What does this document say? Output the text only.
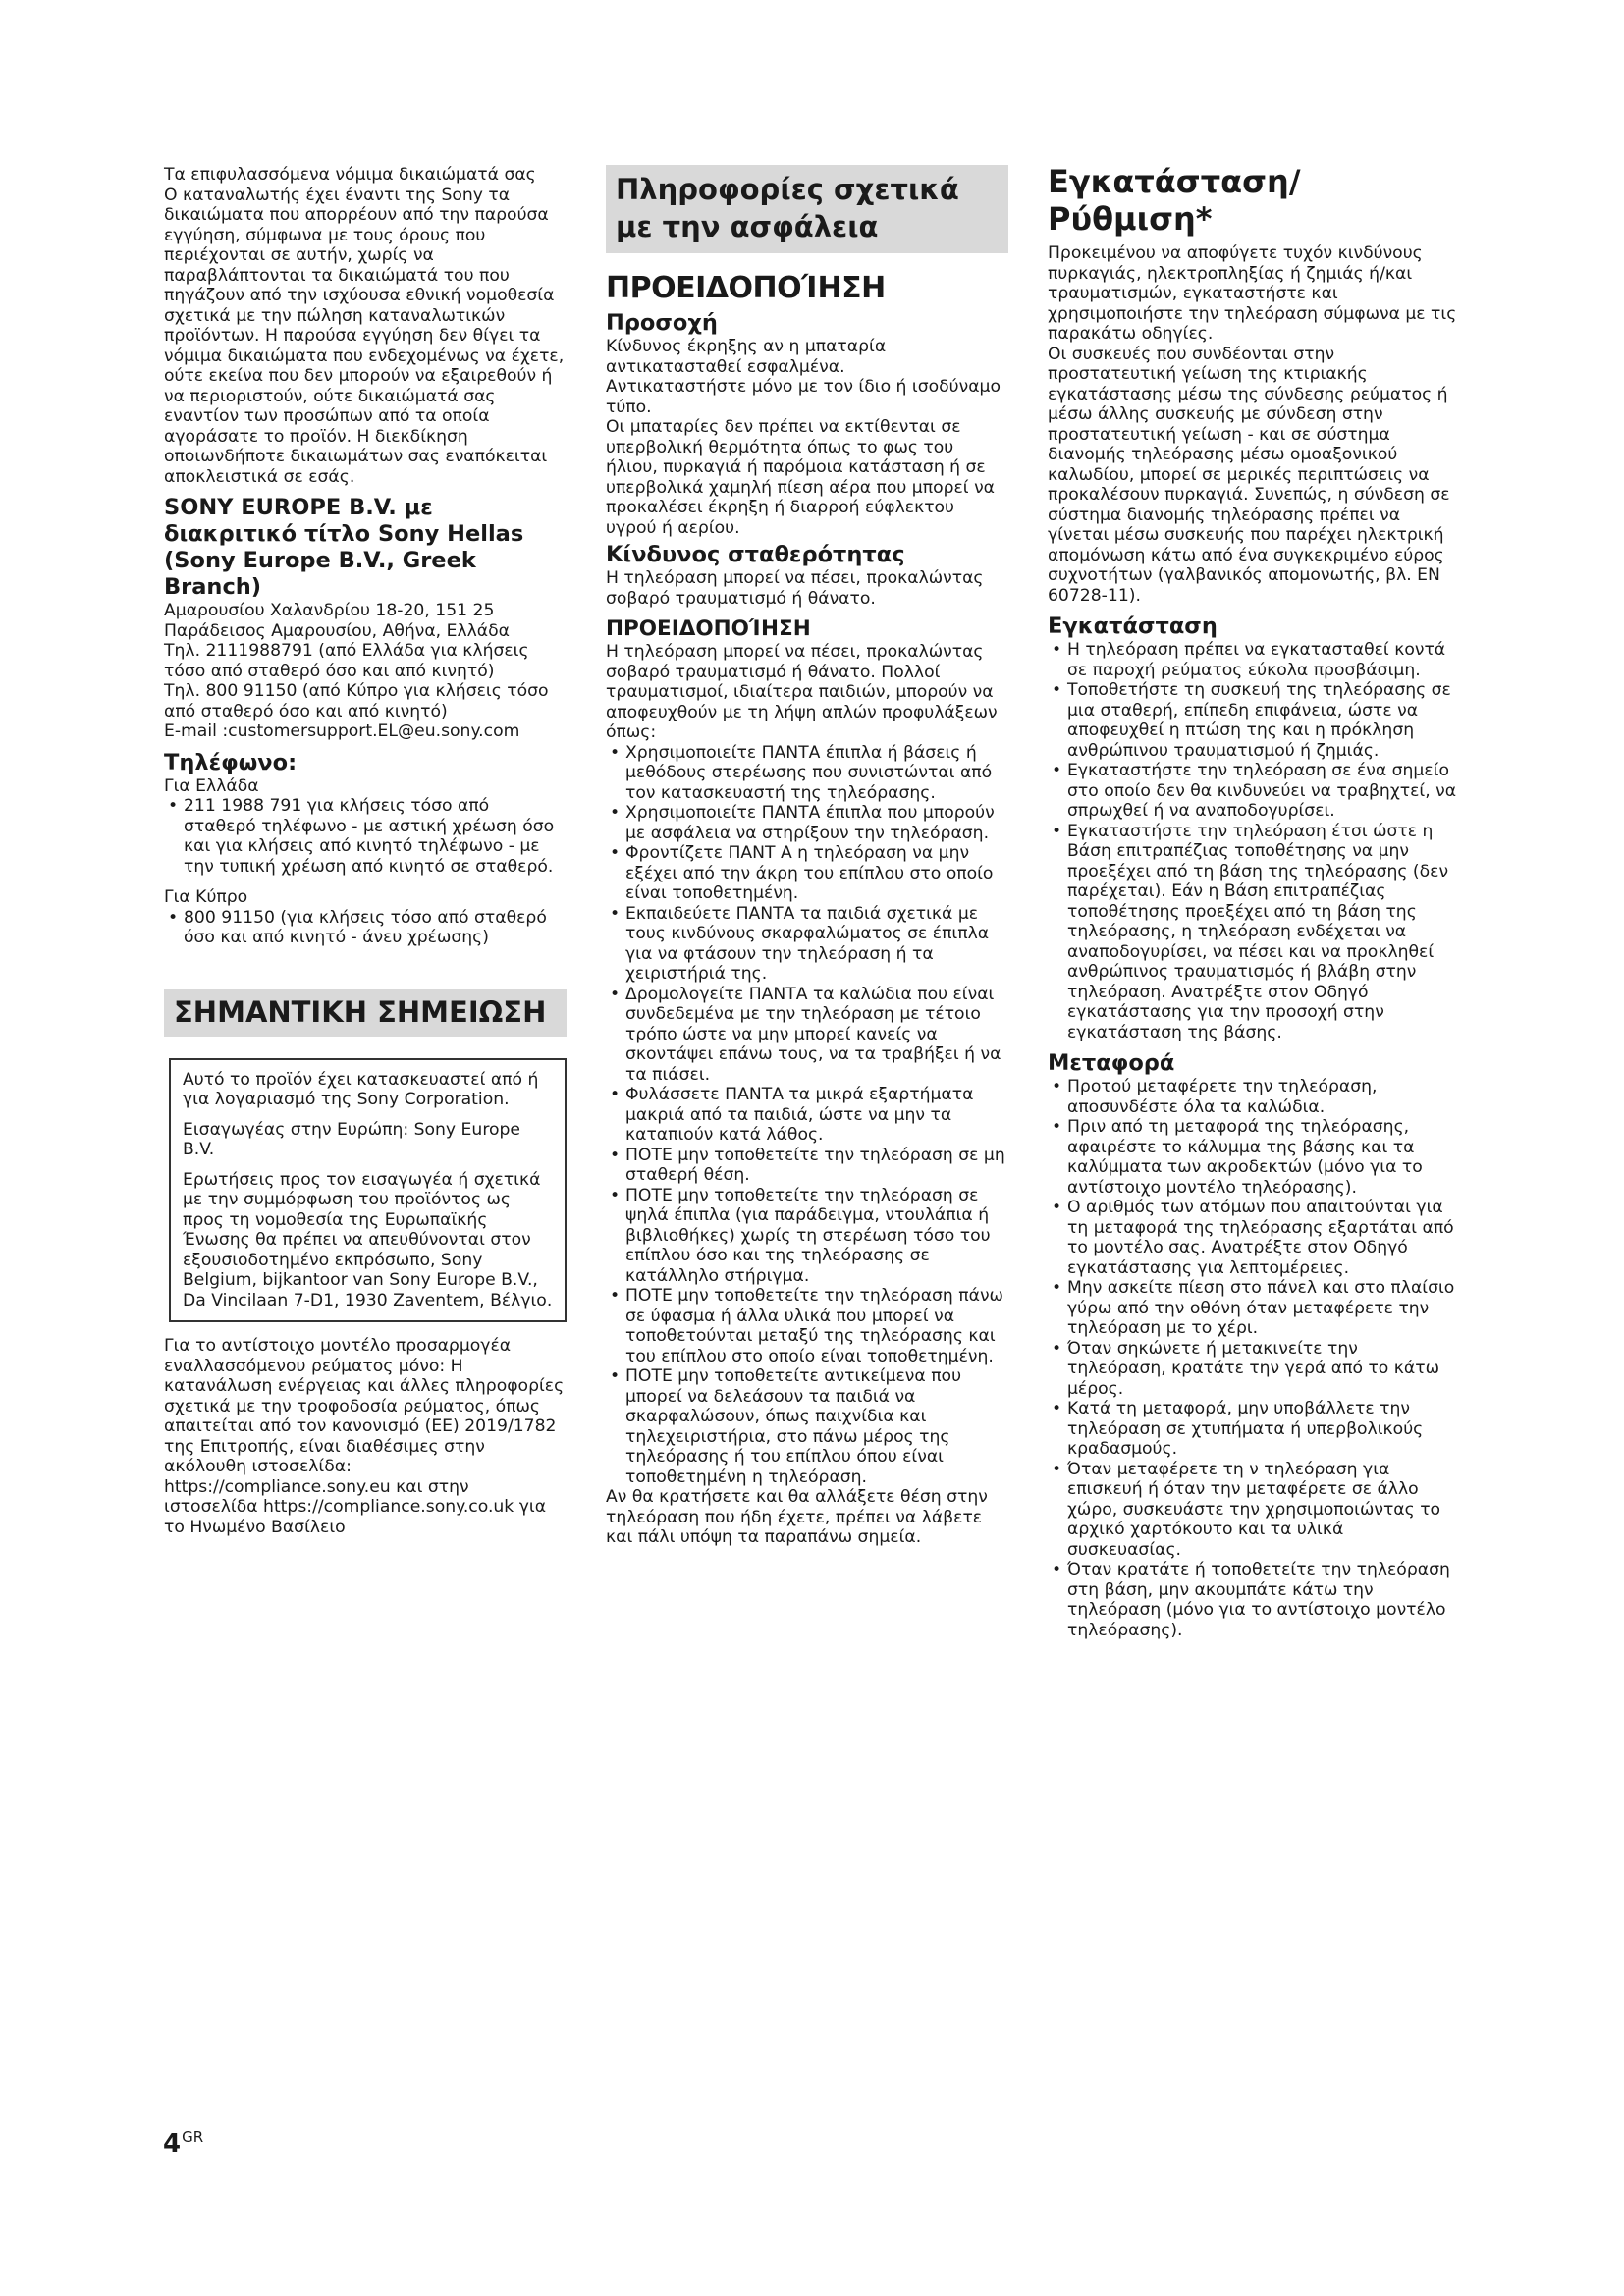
Τα επιφυλασσόμενα νόμιμα δικαιώματά σας

Ο καταναλωτής έχει έναντι της Sony τα δικαιώματα που απορρέουν από την παρούσα εγγύηση, σύμφωνα με τους όρους που περιέχονται σε αυτήν, χωρίς να παραβλάπτονται τα δικαιώματά του που πηγάζουν από την ισχύουσα εθνική νομοθεσία σχετικά με την πώληση καταναλωτικών προϊόντων. Η παρούσα εγγύηση δεν θίγει τα νόμιμα δικαιώματα που ενδεχομένως να έχετε, ούτε εκείνα που δεν μπορούν να εξαιρεθούν ή να περιοριστούν, ούτε δικαιώματά σας εναντίον των προσώπων από τα οποία αγοράσατε το προϊόν. Η διεκδίκηση οποιωνδήποτε δικαιωμάτων σας εναπόκειται αποκλειστικά σε εσάς.

SONY EUROPE B.V. με διακριτικό τίτλο Sony Hellas (Sony Europe B.V., Greek Branch)

Αμαρουσίου Χαλανδρίου 18-20, 151 25 Παράδεισος Αμαρουσίου, Αθήνα, Ελλάδα

Τηλ. 2111988791 (από Ελλάδα για κλήσεις τόσο από σταθερό όσο και από κινητό)

Τηλ. 800 91150 (από Κύπρο για κλήσεις τόσο από σταθερό όσο και από κινητό)

E-mail :customersupport.EL@eu.sony.com

Τηλέφωνο:

Για Ελλάδα

• 211 1988 791 για κλήσεις τόσο από σταθερό τηλέφωνο - με αστική χρέωση όσο και για κλήσεις από κινητό τηλέφωνο - με την τυπική χρέωση από κινητό σε σταθερό.

Για Κύπρο

• 800 91150 (για κλήσεις τόσο από σταθερό όσο και από κινητό - άνευ χρέωσης)
ΣΗΜΑΝΤΙΚΗ ΣΗΜΕΙΩΣΗ

Αυτό το προϊόν έχει κατασκευαστεί από ή για λογαριασμό της Sony Corporation.

Εισαγωγέας στην Ευρώπη: Sony Europe B.V.

Ερωτήσεις προς τον εισαγωγέα ή σχετικά με την συμμόρφωση του προϊόντος ως προς τη νομοθεσία της Ευρωπαϊκής Ένωσης θα πρέπει να απευθύνονται στον εξουσιοδοτημένο εκπρόσωπο, Sony Belgium, bijkantoor van Sony Europe B.V., Da Vincilaan 7-D1, 1930 Zaventem, Βέλγιο.

Για το αντίστοιχο μοντέλο προσαρμογέα εναλλασσόμενου ρεύματος μόνο: Η κατανάλωση ενέργειας και άλλες πληροφορίες σχετικά με την τροφοδοσία ρεύματος, όπως απαιτείται από τον κανονισμό (ΕΕ) 2019/1782 της Επιτροπής, είναι διαθέσιμες στην ακόλουθη ιστοσελίδα: https://compliance.sony.eu και στην ιστοσελίδα https://compliance.sony.co.uk για το Ηνωμένο Βασίλειο

Πληροφορίες σχετικά με την ασφάλεια
ΠΡΟΕΙΔΟΠΟΊΗΣΗ
Προσοχή

Κίνδυνος έκρηξης αν η μπαταρία αντικατασταθεί εσφαλμένα.

Αντικαταστήστε μόνο με τον ίδιο ή ισοδύναμο τύπο.

Οι μπαταρίες δεν πρέπει να εκτίθενται σε υπερβολική θερμότητα όπως το φως του ήλιου, πυρκαγιά ή παρόμοια κατάσταση ή σε υπερβολικά χαμηλή πίεση αέρα που μπορεί να προκαλέσει έκρηξη ή διαρροή εύφλεκτου υγρού ή αερίου.

Κίνδυνος σταθερότητας

Η τηλεόραση μπορεί να πέσει, προκαλώντας σοβαρό τραυματισμό ή θάνατο.

ΠΡΟΕΙΔΟΠΟΊΗΣΗ

Η τηλεόραση μπορεί να πέσει, προκαλώντας σοβαρό τραυματισμό ή θάνατο. Πολλοί τραυματισμοί, ιδιαίτερα παιδιών, μπορούν να αποφευχθούν με τη λήψη απλών προφυλάξεων όπως:

• Χρησιμοποιείτε ΠΑΝΤΑ έπιπλα ή βάσεις ή μεθόδους στερέωσης που συνιστώνται από τον κατασκευαστή της τηλεόρασης.
• Χρησιμοποιείτε ΠΑΝΤΑ έπιπλα που μπορούν με ασφάλεια να στηρίξουν την τηλεόραση.
• Φροντίζετε ΠΑΝΤ Α η τηλεόραση να μην εξέχει από την άκρη του επίπλου στο οποίο είναι τοποθετημένη.
• Εκπαιδεύετε ΠΑΝΤΑ τα παιδιά σχετικά με τους κινδύνους σκαρφαλώματος σε έπιπλα για να φτάσουν την τηλεόραση ή τα χειριστήριά της.
• Δρομολογείτε ΠΑΝΤΑ τα καλώδια που είναι συνδεδεμένα με την τηλεόραση με τέτοιο τρόπο ώστε να μην μπορεί κανείς να σκοντάψει επάνω τους, να τα τραβήξει ή να τα πιάσει.
• Φυλάσσετε ΠΑΝΤΑ τα μικρά εξαρτήματα μακριά από τα παιδιά, ώστε να μην τα καταπιούν κατά λάθος.
• ΠΟΤΕ μην τοποθετείτε την τηλεόραση σε μη σταθερή θέση.
• ΠΟΤΕ μην τοποθετείτε την τηλεόραση σε ψηλά έπιπλα (για παράδειγμα, ντουλάπια ή βιβλιοθήκες) χωρίς τη στερέωση τόσο του επίπλου όσο και της τηλεόρασης σε κατάλληλο στήριγμα.
• ΠΟΤΕ μην τοποθετείτε την τηλεόραση πάνω σε ύφασμα ή άλλα υλικά που μπορεί να τοποθετούνται μεταξύ της τηλεόρασης και του επίπλου στο οποίο είναι τοποθετημένη.
• ΠΟΤΕ μην τοποθετείτε αντικείμενα που μπορεί να δελεάσουν τα παιδιά να σκαρφαλώσουν, όπως παιχνίδια και τηλεχειριστήρια, στο πάνω μέρος της τηλεόρασης ή του επίπλου όπου είναι τοποθετημένη η τηλεόραση.

Αν θα κρατήσετε και θα αλλάξετε θέση στην τηλεόραση που ήδη έχετε, πρέπει να λάβετε και πάλι υπόψη τα παραπάνω σημεία.

Εγκατάσταση/Ρύθμιση*

Προκειμένου να αποφύγετε τυχόν κινδύνους πυρκαγιάς, ηλεκτροπληξίας ή ζημιάς ή/και τραυματισμών, εγκαταστήστε και χρησιμοποιήστε την τηλεόραση σύμφωνα με τις παρακάτω οδηγίες.

Οι συσκευές που συνδέονται στην προστατευτική γείωση της κτιριακής εγκατάστασης μέσω της σύνδεσης ρεύματος ή μέσω άλλης συσκευής με σύνδεση στην προστατευτική γείωση - και σε σύστημα διανομής τηλεόρασης μέσω ομοαξονικού καλωδίου, μπορεί σε μερικές περιπτώσεις να προκαλέσουν πυρκαγιά. Συνεπώς, η σύνδεση σε σύστημα διανομής τηλεόρασης πρέπει να γίνεται μέσω συσκευής που παρέχει ηλεκτρική απομόνωση κάτω από ένα συγκεκριμένο εύρος συχνοτήτων (γαλβανικός απομονωτής, βλ. EN 60728-11).

Εγκατάσταση
• Η τηλεόραση πρέπει να εγκατασταθεί κοντά σε παροχή ρεύματος εύκολα προσβάσιμη.
• Τοποθετήστε τη συσκευή της τηλεόρασης σε μια σταθερή, επίπεδη επιφάνεια, ώστε να αποφευχθεί η πτώση της και η πρόκληση ανθρώπινου τραυματισμού ή ζημιάς.
• Εγκαταστήστε την τηλεόραση σε ένα σημείο στο οποίο δεν θα κινδυνεύει να τραβηχτεί, να σπρωχθεί ή να αναποδογυρίσει.
• Εγκαταστήστε την τηλεόραση έτσι ώστε η Βάση επιτραπέζιας τοποθέτησης να μην προεξέχει από τη βάση της τηλεόρασης (δεν παρέχεται). Εάν η Βάση επιτραπέζιας τοποθέτησης προεξέχει από τη βάση της τηλεόρασης, η τηλεόραση ενδέχεται να αναποδογυρίσει, να πέσει και να προκληθεί ανθρώπινος τραυματισμός ή βλάβη στην τηλεόραση. Ανατρέξτε στον Οδηγό εγκατάστασης για την προσοχή στην εγκατάσταση της βάσης.
Μεταφορά
• Προτού μεταφέρετε την τηλεόραση, αποσυνδέστε όλα τα καλώδια.
• Πριν από τη μεταφορά της τηλεόρασης, αφαιρέστε το κάλυμμα της βάσης και τα καλύμματα των ακροδεκτών (μόνο για το αντίστοιχο μοντέλο τηλεόρασης).
• Ο αριθμός των ατόμων που απαιτούνται για τη μεταφορά της τηλεόρασης εξαρτάται από το μοντέλο σας. Ανατρέξτε στον Οδηγό εγκατάστασης για λεπτομέρειες.
• Μην ασκείτε πίεση στο πάνελ και στο πλαίσιο γύρω από την οθόνη όταν μεταφέρετε την τηλεόραση με το χέρι.
• Όταν σηκώνετε ή μετακινείτε την τηλεόραση, κρατάτε την γερά από το κάτω μέρος.
• Κατά τη μεταφορά, μην υποβάλλετε την τηλεόραση σε χτυπήματα ή υπερβολικούς κραδασμούς.
• Όταν μεταφέρετε τη ν τηλεόραση για επισκευή ή όταν την μεταφέρετε σε άλλο χώρο, συσκευάστε την χρησιμοποιώντας το αρχικό χαρτόκουτο και τα υλικά συσκευασίας.
• Όταν κρατάτε ή τοποθετείτε την τηλεόραση στη βάση, μην ακουμπάτε κάτω την τηλεόραση (μόνο για το αντίστοιχο μοντέλο τηλεόρασης).
$4^{GR}$
